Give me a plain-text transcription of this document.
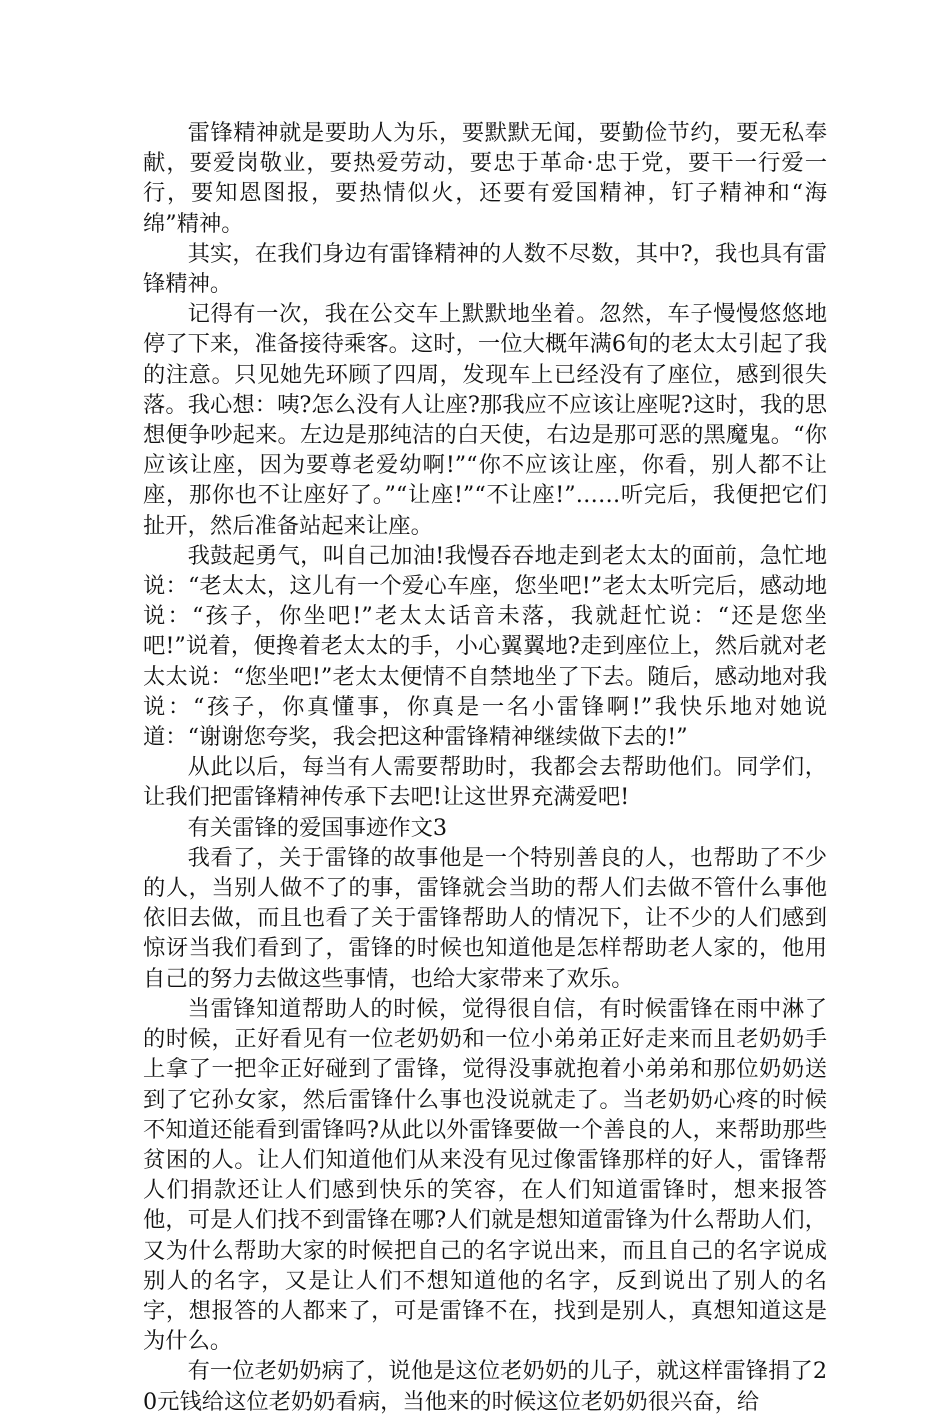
雷锋精神就是要助人为乐，要默默无闻，要勤俭节约，要无私奉献，要爱岗敬业，要热爱劳动，要忠于革命·忠于党，要干一行爱一行，要知恩图报，要热情似火，还要有爱国精神，钉子精神和“海绵”精神。

其实，在我们身边有雷锋精神的人数不尽数，其中?，我也具有雷锋精神。

记得有一次，我在公交车上默默地坐着。忽然，车子慢慢悠悠地停了下来，准备接待乘客。这时，一位大概年满6旬的老太太引起了我的注意。只见她先环顾了四周，发现车上已经没有了座位，感到很失落。我心想：咦?怎么没有人让座?那我应不应该让座呢?这时，我的思想便争吵起来。左边是那纯洁的白天使，右边是那可恶的黑魔鬼。“你应该让座，因为要尊老爱幼啊!”“你不应该让座，你看，别人都不让座，那你也不让座好了。”“让座!”“不让座!”……听完后，我便把它们扯开，然后准备站起来让座。

我鼓起勇气，叫自己加油!我慢吞吞地走到老太太的面前，急忙地说：“老太太，这儿有一个爱心车座，您坐吧!”老太太听完后，感动地说：“孩子，你坐吧!”老太太话音未落，我就赶忙说：“还是您坐吧!”说着，便搀着老太太的手，小心翼翼地?走到座位上，然后就对老太太说：“您坐吧!”老太太便情不自禁地坐了下去。随后，感动地对我说：“孩子，你真懂事，你真是一名小雷锋啊!”我快乐地对她说道：“谢谢您夸奖，我会把这种雷锋精神继续做下去的!”

从此以后，每当有人需要帮助时，我都会去帮助他们。同学们，让我们把雷锋精神传承下去吧!让这世界充满爱吧!

有关雷锋的爱国事迹作文3

我看了，关于雷锋的故事他是一个特别善良的人，也帮助了不少的人，当别人做不了的事，雷锋就会当助的帮人们去做不管什么事他依旧去做，而且也看了关于雷锋帮助人的情况下，让不少的人们感到惊讶当我们看到了，雷锋的时候也知道他是怎样帮助老人家的，他用自己的努力去做这些事情，也给大家带来了欢乐。

当雷锋知道帮助人的时候，觉得很自信，有时候雷锋在雨中淋了的时候，正好看见有一位老奶奶和一位小弟弟正好走来而且老奶奶手上拿了一把伞正好碰到了雷锋，觉得没事就抱着小弟弟和那位奶奶送到了它孙女家，然后雷锋什么事也没说就走了。当老奶奶心疼的时候不知道还能看到雷锋吗?从此以外雷锋要做一个善良的人，来帮助那些贫困的人。让人们知道他们从来没有见过像雷锋那样的好人，雷锋帮人们捐款还让人们感到快乐的笑容，在人们知道雷锋时，想来报答他，可是人们找不到雷锋在哪?人们就是想知道雷锋为什么帮助人们，又为什么帮助大家的时候把自己的名字说出来，而且自己的名字说成别人的名字，又是让人们不想知道他的名字，反到说出了别人的名字，想报答的人都来了，可是雷锋不在，找到是别人，真想知道这是为什么。

有一位老奶奶病了，说他是这位老奶奶的儿子，就这样雷锋捐了20元钱给这位老奶奶看病，当他来的时候这位老奶奶很兴奋，给
